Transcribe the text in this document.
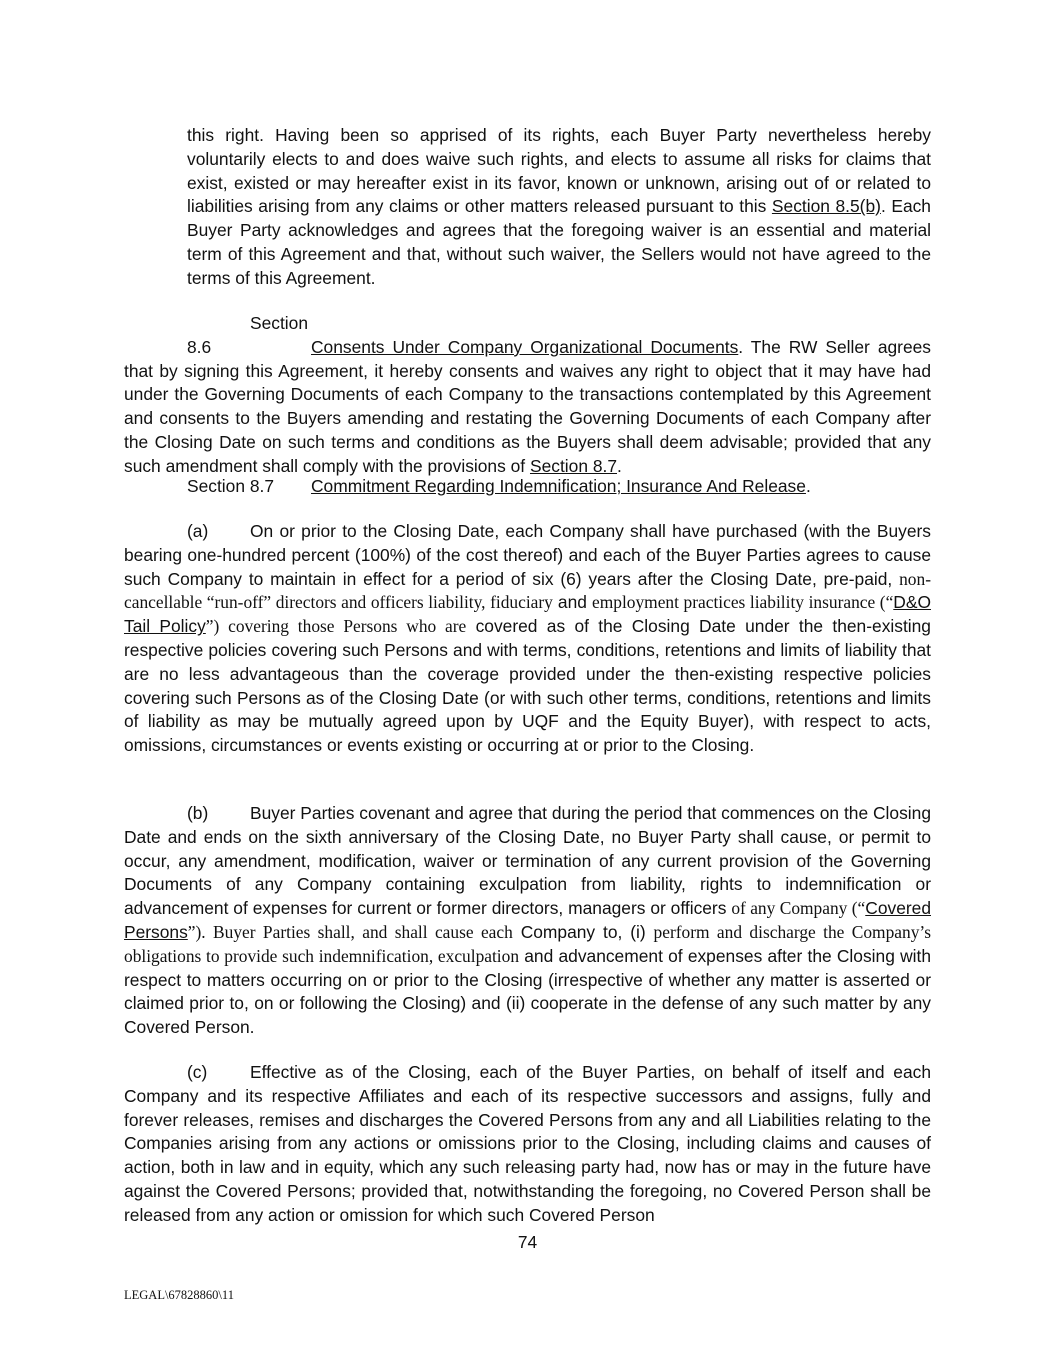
this right. Having been so apprised of its rights, each Buyer Party nevertheless hereby voluntarily elects to and does waive such rights, and elects to assume all risks for claims that exist, existed or may hereafter exist in its favor, known or unknown, arising out of or related to liabilities arising from any claims or other matters released pursuant to this Section 8.5(b). Each Buyer Party acknowledges and agrees that the foregoing waiver is an essential and material term of this Agreement and that, without such waiver, the Sellers would not have agreed to the terms of this Agreement.

Section 8.6	Consents Under Company Organizational Documents. The RW Seller agrees that by signing this Agreement, it hereby consents and waives any right to object that it may have had under the Governing Documents of each Company to the transactions contemplated by this Agreement and consents to the Buyers amending and restating the Governing Documents of each Company after the Closing Date on such terms and conditions as the Buyers shall deem advisable; provided that any such amendment shall comply with the provisions of Section 8.7.

Section 8.7 Commitment Regarding Indemnification; Insurance And Release.

(a) On or prior to the Closing Date, each Company shall have purchased (with the Buyers bearing one-hundred percent (100%) of the cost thereof) and each of the Buyer Parties agrees to cause such Company to maintain in effect for a period of six (6) years after the Closing Date, pre-paid, non-cancellable “run-off” directors and officers liability, fiduciary and employment practices liability insurance (“D&O Tail Policy”) covering those Persons who are covered as of the Closing Date under the then-existing respective policies covering such Persons and with terms, conditions, retentions and limits of liability that are no less advantageous than the coverage provided under the then-existing respective policies covering such Persons as of the Closing Date (or with such other terms, conditions, retentions and limits of liability as may be mutually agreed upon by UQF and the Equity Buyer), with respect to acts, omissions, circumstances or events existing or occurring at or prior to the Closing.

(b) Buyer Parties covenant and agree that during the period that commences on the Closing Date and ends on the sixth anniversary of the Closing Date, no Buyer Party shall cause, or permit to occur, any amendment, modification, waiver or termination of any current provision of the Governing Documents of any Company containing exculpation from liability, rights to indemnification or advancement of expenses for current or former directors, managers or officers of any Company (“Covered Persons”). Buyer Parties shall, and shall cause each Company to, (i) perform and discharge the Company’s obligations to provide such indemnification, exculpation and advancement of expenses after the Closing with respect to matters occurring on or prior to the Closing (irrespective of whether any matter is asserted or claimed prior to, on or following the Closing) and (ii) cooperate in the defense of any such matter by any Covered Person.

(c) Effective as of the Closing, each of the Buyer Parties, on behalf of itself and each Company and its respective Affiliates and each of its respective successors and assigns, fully and forever releases, remises and discharges the Covered Persons from any and all Liabilities relating to the Companies arising from any actions or omissions prior to the Closing, including claims and causes of action, both in law and in equity, which any such releasing party had, now has or may in the future have against the Covered Persons; provided that, notwithstanding the foregoing, no Covered Person shall be released from any action or omission for which such Covered Person

74
LEGAL\67828860\11
